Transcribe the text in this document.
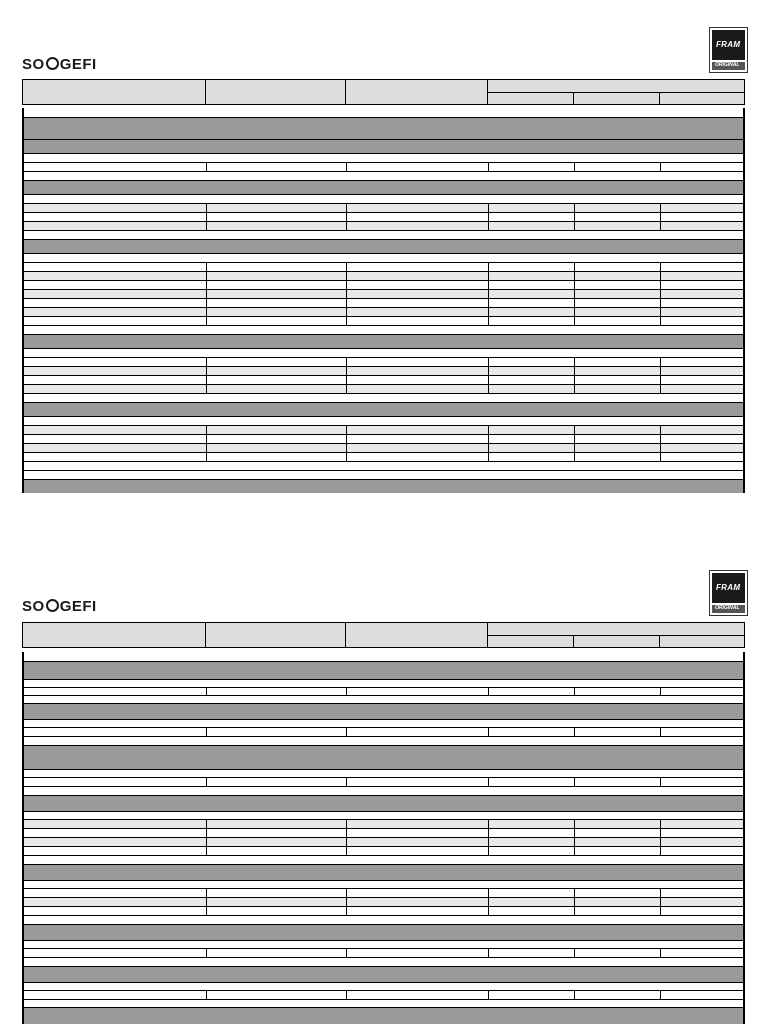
SO GEFI
FRAM
ORIGINAL
SO GEFI
FRAM
ORIGINAL
